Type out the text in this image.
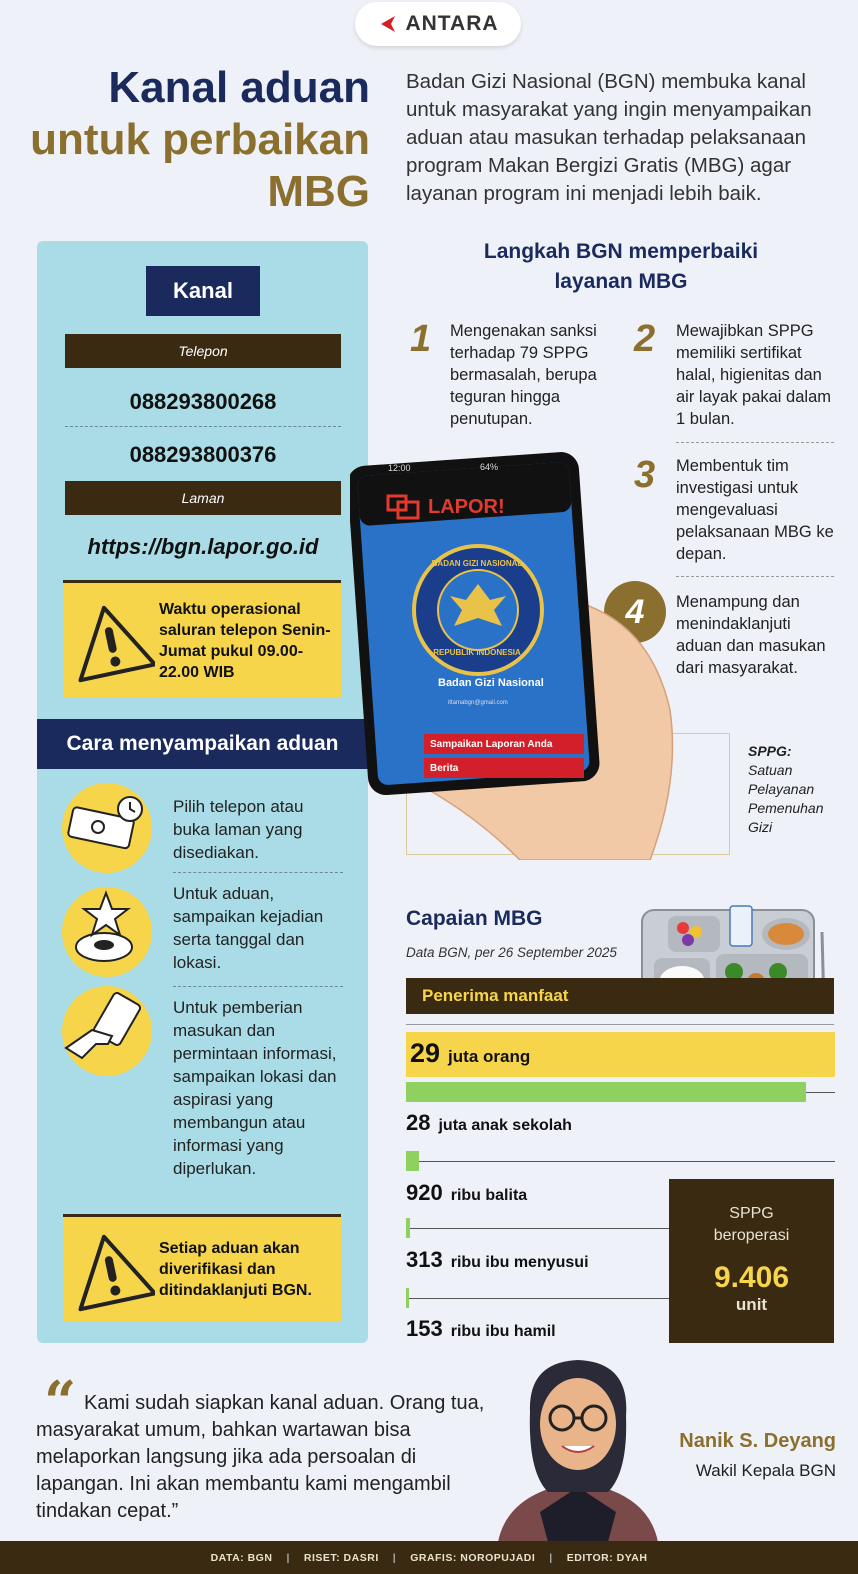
ANTARA
Kanal aduan
untuk perbaikan
MBG
Badan Gizi Nasional (BGN) membuka kanal untuk masyarakat yang ingin menyampaikan aduan atau masukan terhadap pelaksanaan program Makan Bergizi Gratis (MBG) agar layanan program ini menjadi lebih baik.
Kanal
Telepon
088293800268
088293800376
Laman
https://bgn.lapor.go.id
Waktu operasional saluran telepon Senin-Jumat pukul 09.00-22.00 WIB
Cara menyampaikan aduan
Pilih telepon atau buka laman yang disediakan.
Untuk aduan, sampaikan kejadian serta tanggal dan lokasi.
Untuk pemberian masukan dan permintaan informasi, sampaikan lokasi dan aspirasi yang membangun atau informasi yang diperlukan.
Setiap aduan akan diverifikasi dan ditindaklanjuti BGN.
Langkah BGN memperbaiki layanan MBG
1 Mengenakan sanksi terhadap 79 SPPG bermasalah, berupa teguran hingga penutupan.
2 Mewajibkan SPPG memiliki sertifikat halal, higienitas dan air layak pakai dalam 1 bulan.
3 Membentuk tim investigasi untuk mengevaluasi pelaksanaan MBG ke depan.
4	Menampung dan menindaklanjuti aduan dan masukan dari masyarakat.
SPPG:

Satuan Pelayanan Pemenuhan Gizi
12:00	64%
LAPOR!
BADAN GIZI NASIONAL
REPUBLIK INDONESIA
Badan Gizi Nasional
ittamabgn@gmail.com
Sampaikan Laporan Anda
Berita
Capaian MBG
Data BGN, per 26 September 2025
Penerima manfaat
29 juta orang
28 juta anak sekolah
920 ribu balita
313 ribu ibu menyusui
153 ribu ibu hamil
SPPG
beroperasi
9.406
unit
“ Kami sudah siapkan kanal aduan. Orang tua, masyarakat umum, bahkan wartawan bisa melaporkan langsung jika ada persoalan di lapangan. Ini akan membantu kami mengambil tindakan cepat.”
Nanik S. Deyang
Wakil Kepala BGN
DATA: BGN | RISET: DASRI | GRAFIS: NOROPUJADI | EDITOR: DYAH
